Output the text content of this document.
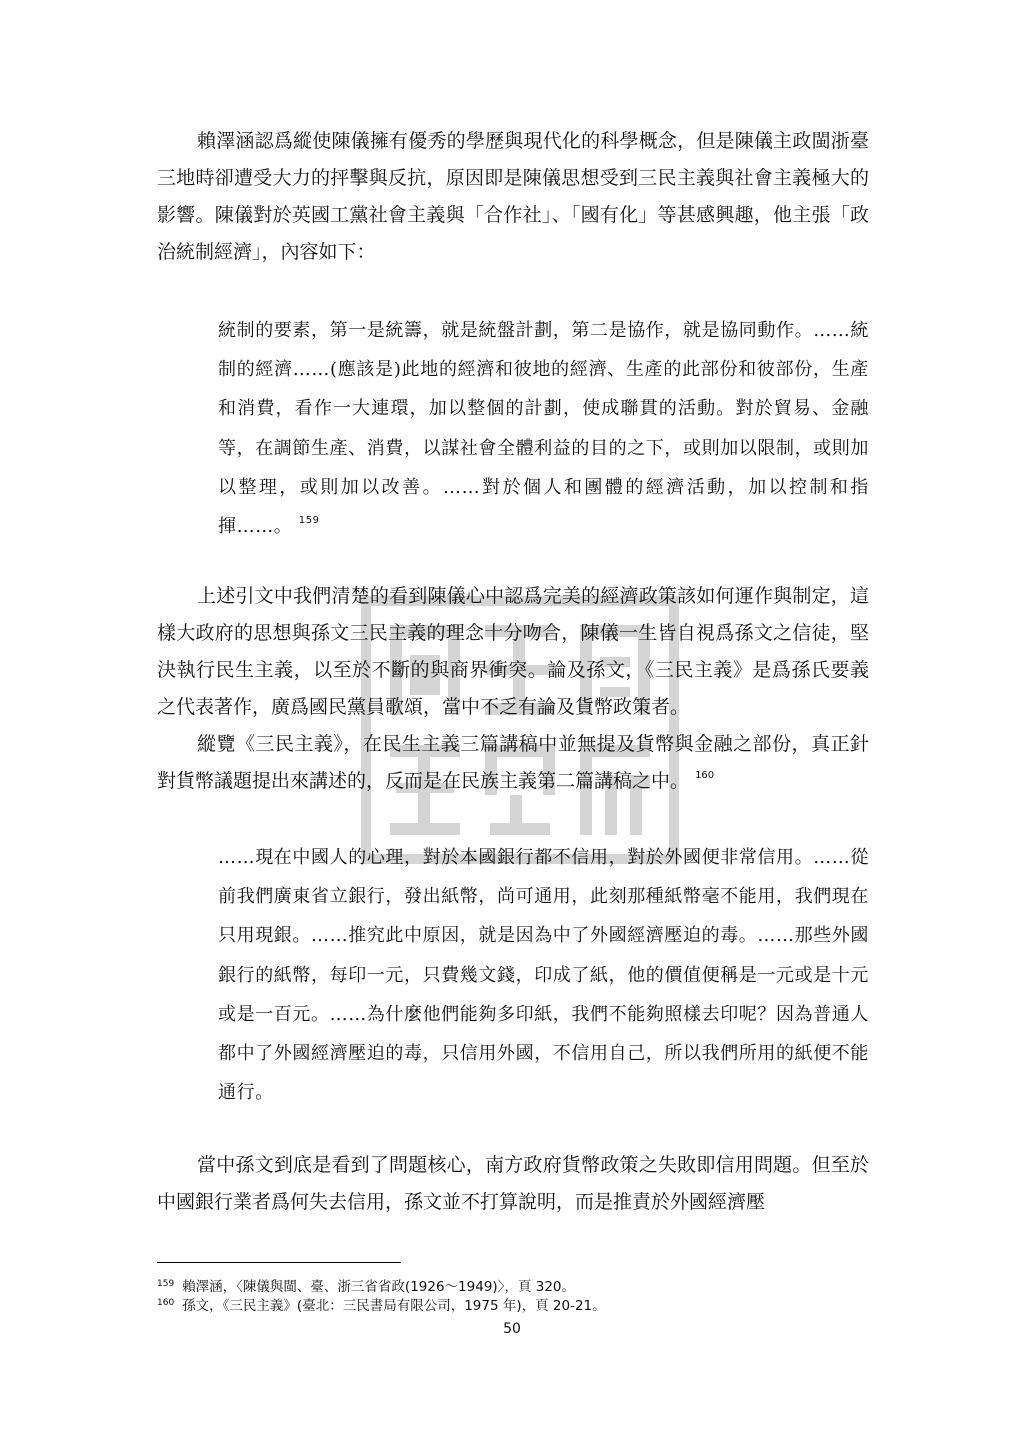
賴澤涵認爲縱使陳儀擁有優秀的學歷與現代化的科學概念，但是陳儀主政閩浙臺三地時卻遭受大力的抨擊與反抗，原因即是陳儀思想受到三民主義與社會主義極大的影響。陳儀對於英國工黨社會主義與「合作社」、「國有化」等甚感興趣，他主張「政治統制經濟」，內容如下：

統制的要素，第一是統籌，就是統盤計劃，第二是協作，就是協同動作。……統制的經濟……(應該是)此地的經濟和彼地的經濟、生產的此部份和彼部份，生產和消費，看作一大連環，加以整個的計劃，使成聯貫的活動。對於貿易、金融等，在調節生產、消費，以謀社會全體利益的目的之下，或則加以限制，或則加以整理，或則加以改善。……對於個人和團體的經濟活動，加以控制和指揮……。 $^{159}$

上述引文中我們清楚的看到陳儀心中認爲完美的經濟政策該如何運作與制定，這樣大政府的思想與孫文三民主義的理念十分吻合，陳儀一生皆自視爲孫文之信徒，堅決執行民生主義，以至於不斷的與商界衝突。論及孫文，《三民主義》是爲孫氏要義之代表著作，廣爲國民黨員歌頌，當中不乏有論及貨幣政策者。

縱覽《三民主義》，在民生主義三篇講稿中並無提及貨幣與金融之部份，真正針對貨幣議題提出來講述的，反而是在民族主義第二篇講稿之中。 $^{160}$

……現在中國人的心理，對於本國銀行都不信用，對於外國便非常信用。……從前我們廣東省立銀行，發出紙幣，尚可通用，此刻那種紙幣毫不能用，我們現在只用現銀。……推究此中原因，就是因為中了外國經濟壓迫的毒。……那些外國銀行的紙幣，每印一元，只費幾文錢，印成了紙，他的價值便稱是一元或是十元或是一百元。……為什麼他們能夠多印紙，我們不能夠照樣去印呢？因為普通人都中了外國經濟壓迫的毒，只信用外國，不信用自己，所以我們所用的紙便不能通行。

當中孫文到底是看到了問題核心，南方政府貨幣政策之失敗即信用問題。但至於中國銀行業者爲何失去信用，孫文並不打算說明，而是推責於外國經濟壓

$^{159}$ 賴澤涵，〈陳儀與閩、臺、浙三省省政(1926～1949)〉，頁 320。

$^{160}$ 孫文，《三民主義》(臺北：三民書局有限公司，1975 年)，頁 20-21。

50
